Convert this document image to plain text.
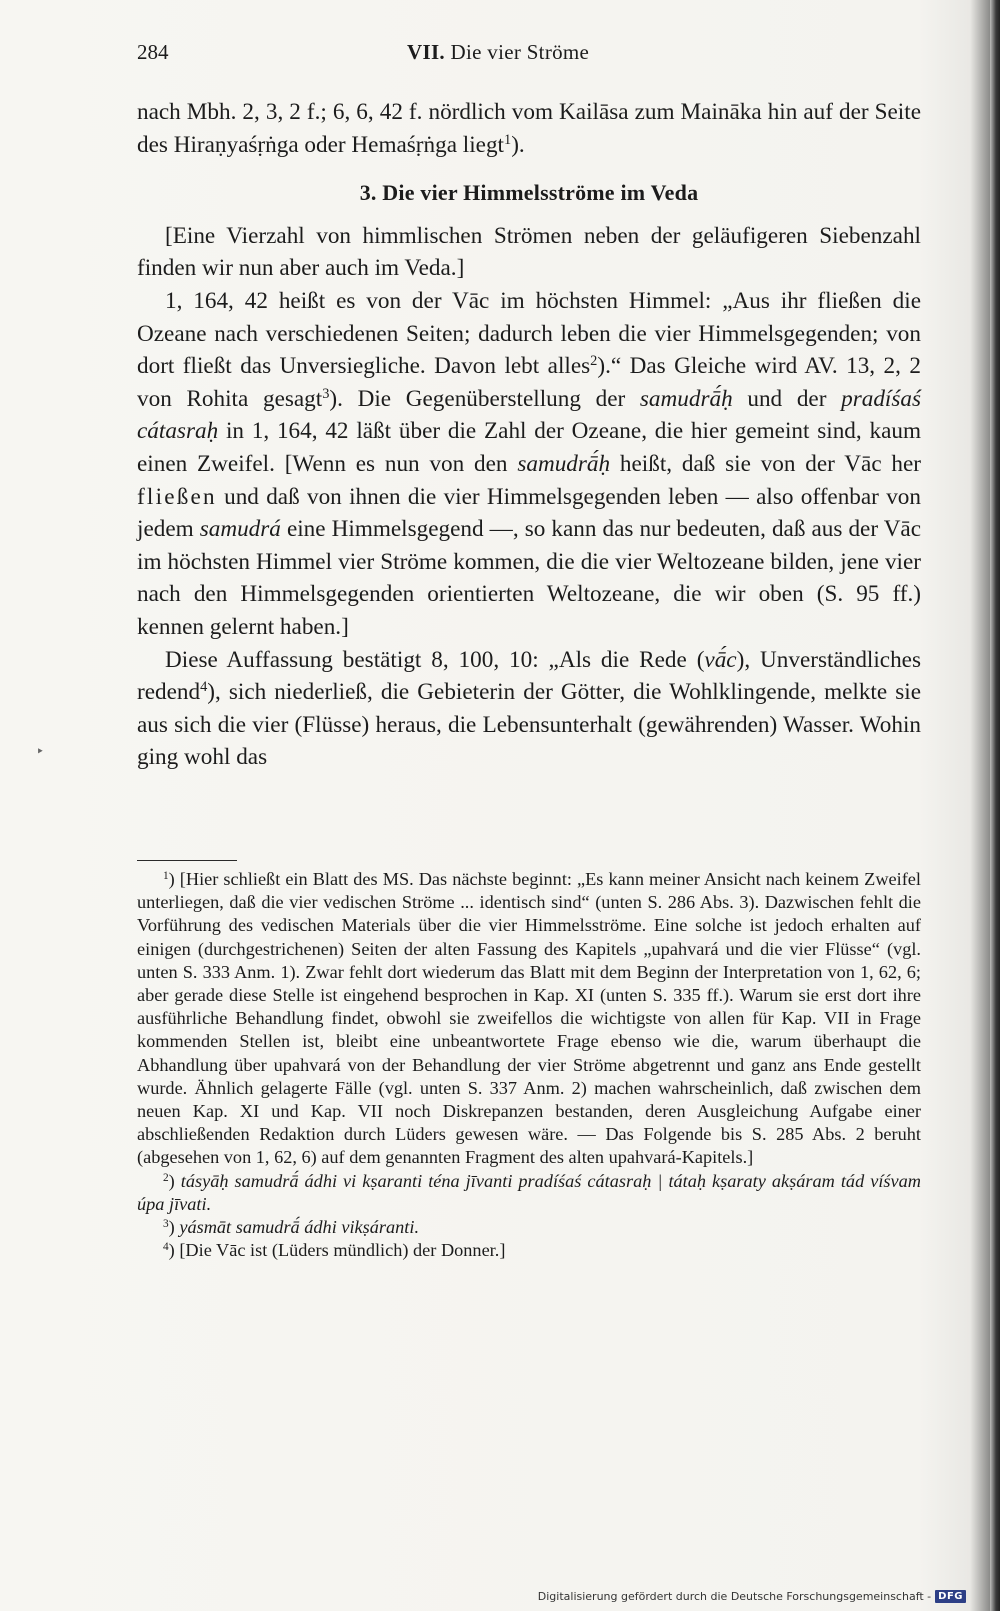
284	VII. Die vier Ströme

nach Mbh. 2, 3, 2 f.; 6, 6, 42 f. nördlich vom Kailāsa zum Maināka hin auf der Seite des Hiraṇyaśṛṅga oder Hemaśṛṅga liegt$^1$).

3. Die vier Himmelsströme im Veda

[Eine Vierzahl von himmlischen Strömen neben der geläufigeren Siebenzahl finden wir nun aber auch im Veda.]

1, 164, 42 heißt es von der Vāc im höchsten Himmel: „Aus ihr fließen die Ozeane nach verschiedenen Seiten; dadurch leben die vier Himmelsgegenden; von dort fließt das Unversiegliche. Davon lebt alles$^2$).“ Das Gleiche wird AV. 13, 2, 2 von Rohita gesagt$^3$). Die Gegenüberstellung der samudrā́ḥ und der pradíśaś cátasraḥ in 1, 164, 42 läßt über die Zahl der Ozeane, die hier gemeint sind, kaum einen Zweifel. [Wenn es nun von den samudrā́ḥ heißt, daß sie von der Vāc her fließen und daß von ihnen die vier Himmelsgegenden leben — also offenbar von jedem samudrá eine Himmelsgegend —, so kann das nur bedeuten, daß aus der Vāc im höchsten Himmel vier Ströme kommen, die die vier Weltozeane bilden, jene vier nach den Himmelsgegenden orientierten Weltozeane, die wir oben (S. 95 ff.) kennen gelernt haben.]

Diese Auffassung bestätigt 8, 100, 10: „Als die Rede (vā́c), Unverständliches redend$^4$), sich niederließ, die Gebieterin der Götter, die Wohlklingende, melkte sie aus sich die vier (Flüsse) heraus, die Lebensunterhalt (gewährenden) Wasser. Wohin ging wohl das

$^1$) [Hier schließt ein Blatt des MS. Das nächste beginnt: „Es kann meiner Ansicht nach keinem Zweifel unterliegen, daß die vier vedischen Ströme ... identisch sind“ (unten S. 286 Abs. 3). Dazwischen fehlt die Vorführung des vedischen Materials über die vier Himmelsströme. Eine solche ist jedoch erhalten auf einigen (durchgestrichenen) Seiten der alten Fassung des Kapitels „upahvará und die vier Flüsse“ (vgl. unten S. 333 Anm. 1). Zwar fehlt dort wiederum das Blatt mit dem Beginn der Interpretation von 1, 62, 6; aber gerade diese Stelle ist eingehend besprochen in Kap. XI (unten S. 335 ff.). Warum sie erst dort ihre ausführliche Behandlung findet, obwohl sie zweifellos die wichtigste von allen für Kap. VII in Frage kommenden Stellen ist, bleibt eine unbeantwortete Frage ebenso wie die, warum überhaupt die Abhandlung über upahvará von der Behandlung der vier Ströme abgetrennt und ganz ans Ende gestellt wurde. Ähnlich gelagerte Fälle (vgl. unten S. 337 Anm. 2) machen wahrscheinlich, daß zwischen dem neuen Kap. XI und Kap. VII noch Diskrepanzen bestanden, deren Ausgleichung Aufgabe einer abschließenden Redaktion durch Lüders gewesen wäre. — Das Folgende bis S. 285 Abs. 2 beruht (abgesehen von 1, 62, 6) auf dem genannten Fragment des alten upahvará-Kapitels.]

$^2$) tásyāḥ samudrā́ ádhi vi kṣaranti téna jīvanti pradíśaś cátasraḥ | tátaḥ kṣaraty akṣáram tád víśvam úpa jīvati.

$^3$) yásmāt samudrā́ ádhi vikṣáranti.

$^4$) [Die Vāc ist (Lüders mündlich) der Donner.]

‣
Digitalisierung gefördert durch die Deutsche Forschungsgemeinschaft - DFG
